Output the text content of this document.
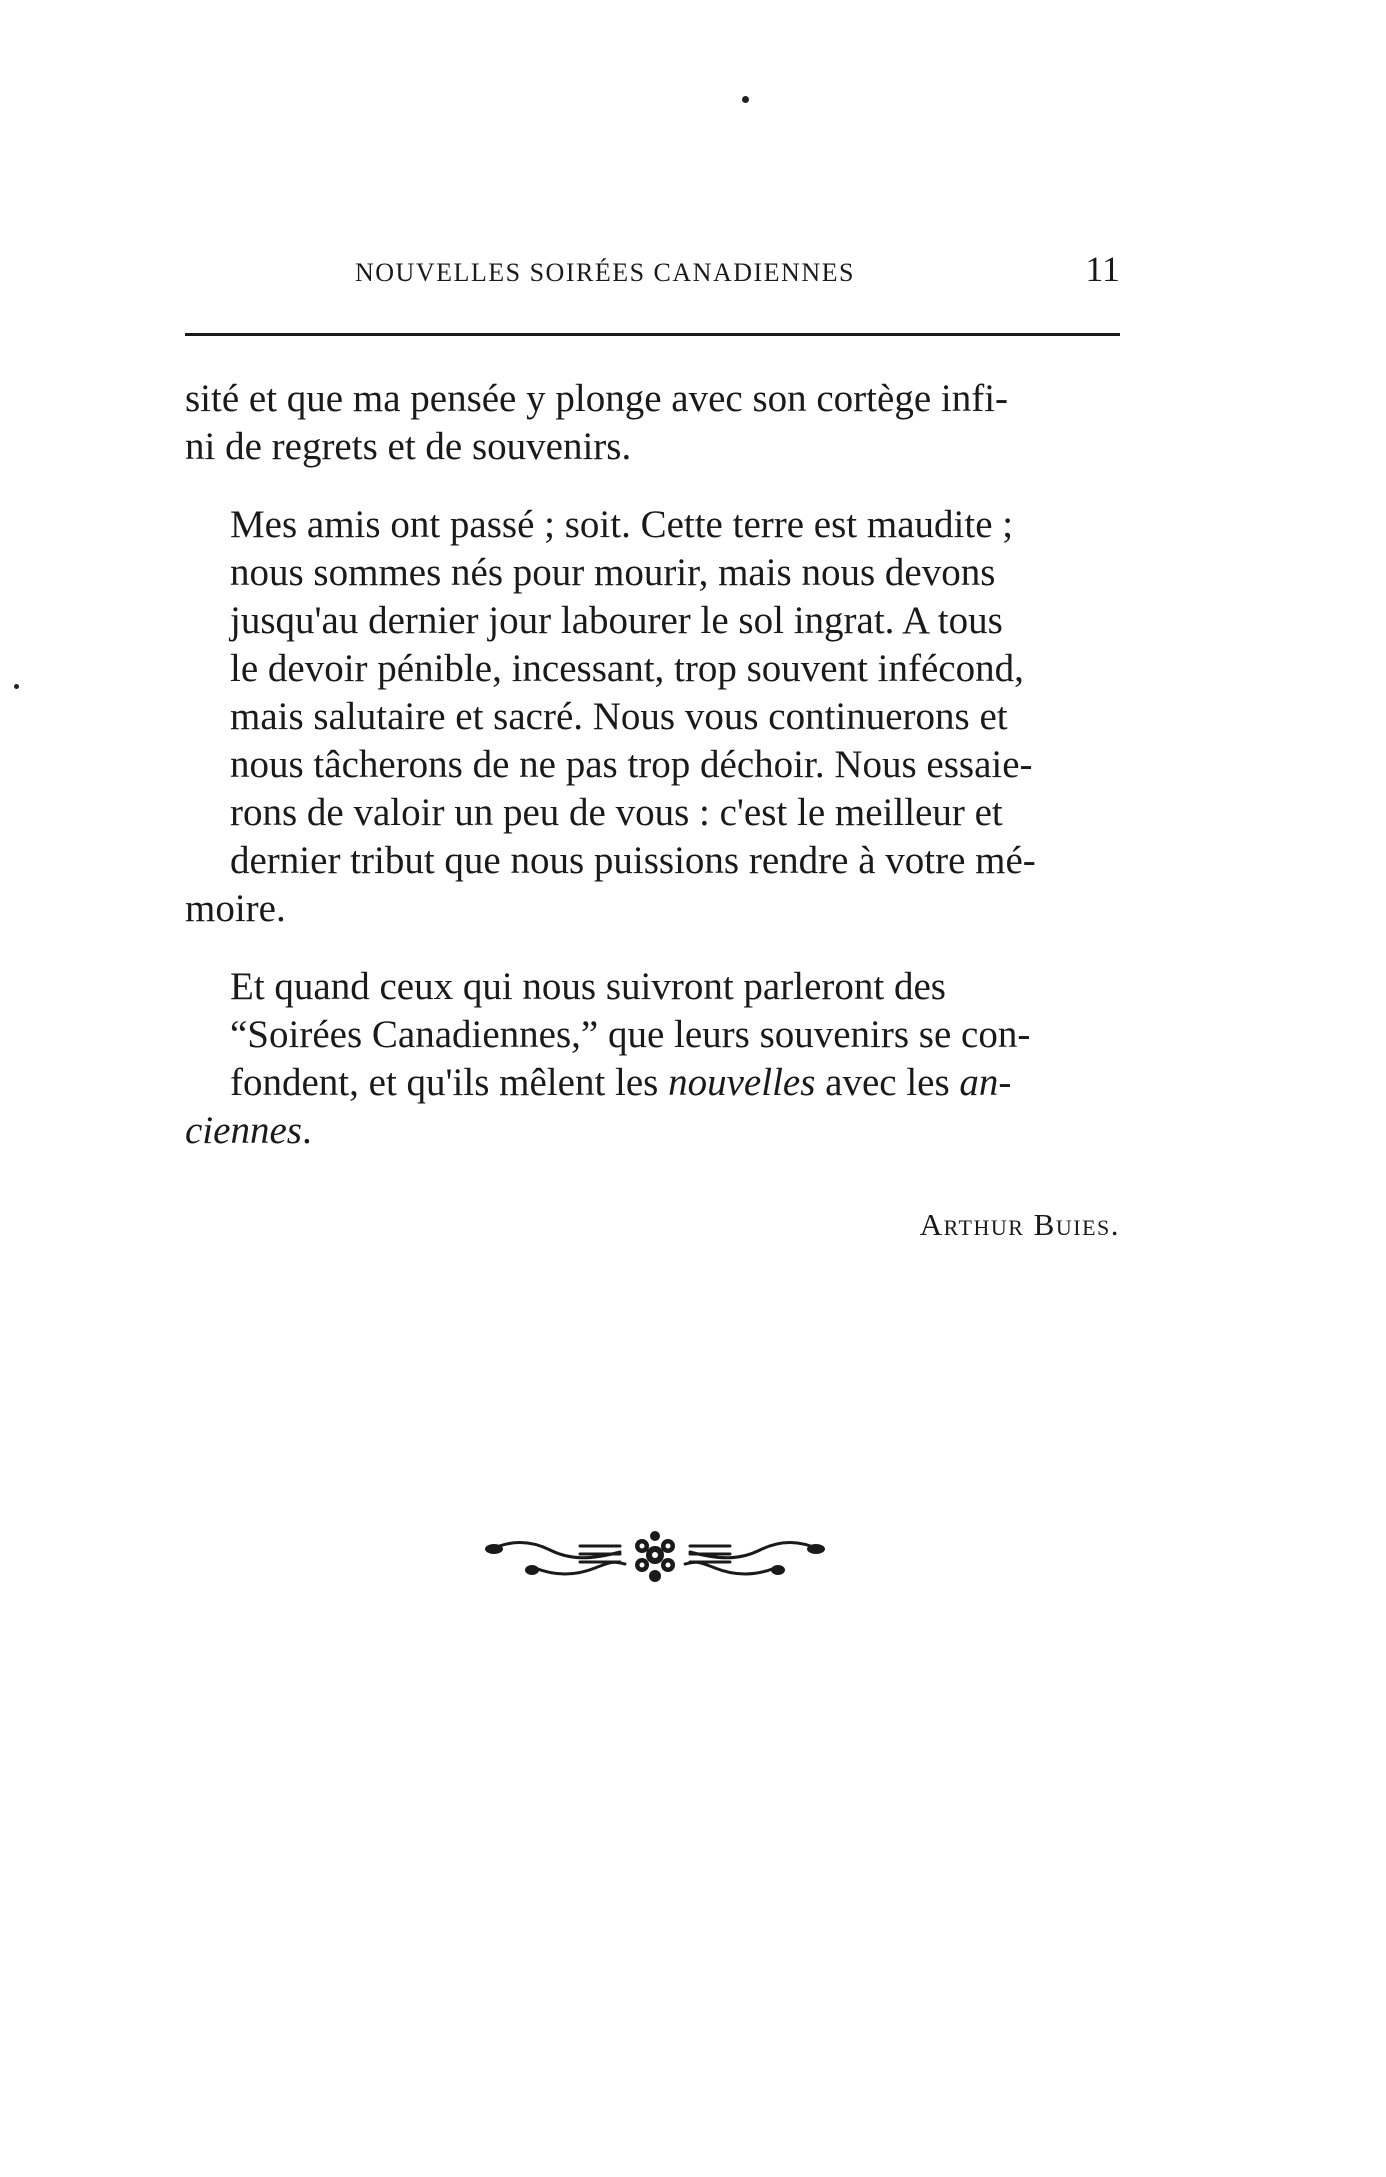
NOUVELLES SOIRÉES CANADIENNES	11

sité et que ma pensée y plonge avec son cortège infi-
ni de regrets et de souvenirs.

Mes amis ont passé ; soit. Cette terre est maudite ;
nous sommes nés pour mourir, mais nous devons
jusqu'au dernier jour labourer le sol ingrat. A tous
le devoir pénible, incessant, trop souvent infécond,
mais salutaire et sacré. Nous vous continuerons et
nous tâcherons de ne pas trop déchoir. Nous essaie-
rons de valoir un peu de vous : c'est le meilleur et
dernier tribut que nous puissions rendre à votre mé-
moire.

Et quand ceux qui nous suivront parleront des
“Soirées Canadiennes,” que leurs souvenirs se con-
fondent, et qu'ils mêlent les nouvelles avec les an-
ciennes.

Arthur Buies.
